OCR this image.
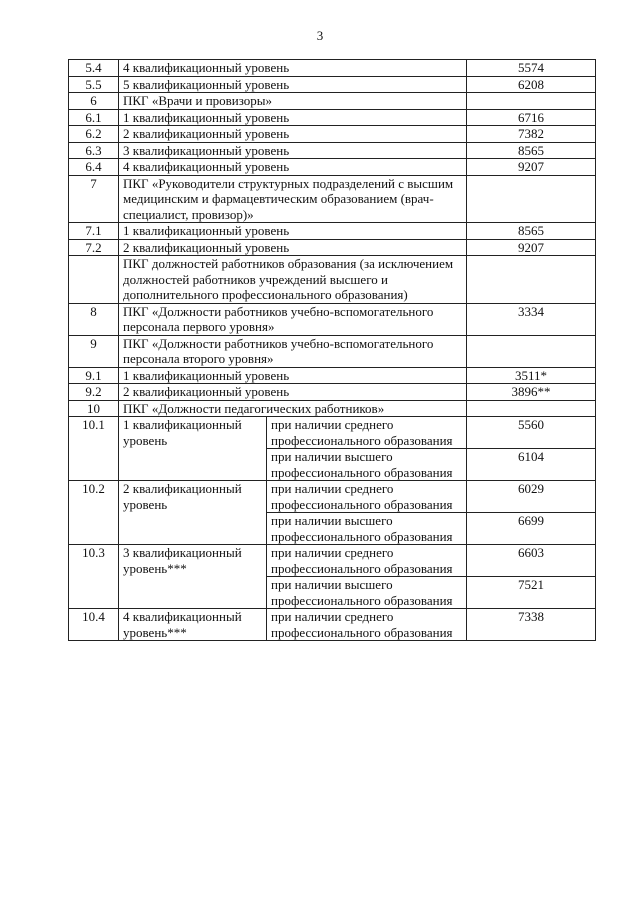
3
5.4	4 квалификационный уровень		5574
5.5	5 квалификационный уровень		6208
6	ПКГ «Врачи и провизоры»		
6.1	1 квалификационный уровень		6716
6.2	2 квалификационный уровень		7382
6.3	3 квалификационный уровень		8565
6.4	4 квалификационный уровень		9207
7	ПКГ «Руководители структурных подразделений с высшим медицинским и фармацевтическим образованием (врач-специалист, провизор)»		
7.1	1 квалификационный уровень		8565
7.2	2 квалификационный уровень		9207
	ПКГ должностей работников образования (за исключением должностей работников учреждений высшего и дополнительного профессионального образования)		
8	ПКГ «Должности работников учебно-вспомогательного персонала первого уровня»		3334
9	ПКГ «Должности работников учебно-вспомогательного персонала второго уровня»		
9.1	1 квалификационный уровень		3511*
9.2	2 квалификационный уровень		3896**
10	ПКГ «Должности педагогических работников»		
10.1	1 квалификационный уровень	при наличии среднего профессионального образования	5560
		при наличии высшего профессионального образования	6104
10.2	2 квалификационный уровень	при наличии среднего профессионального образования	6029
		при наличии высшего профессионального образования	6699
10.3	3 квалификационный уровень***	при наличии среднего профессионального образования	6603
		при наличии высшего профессионального образования	7521
10.4	4 квалификационный уровень***	при наличии среднего профессионального образования	7338
